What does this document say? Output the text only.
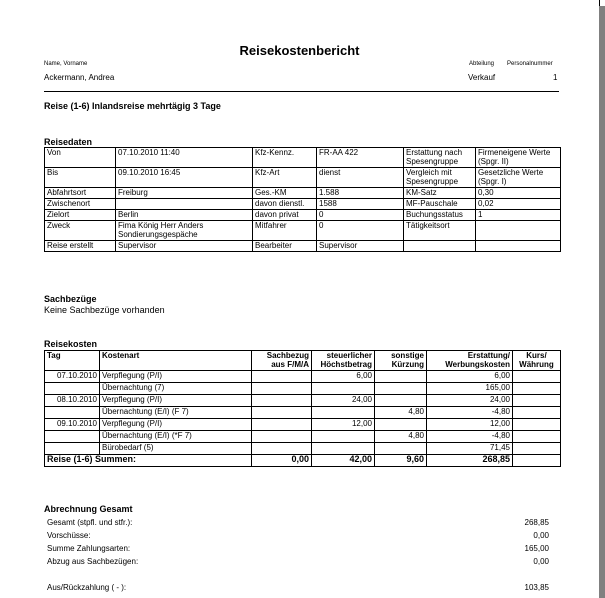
Reisekostenbericht
Name, Vorname	Abteilung Personalnummer
Ackermann, Andrea	Verkauf	1
Reise (1-6) Inlandsreise mehrtägig 3 Tage
Reisedaten
Von	07.10.2010 11:40	Kfz-Kennz.	FR-AA 422	Erstattung nach Spesengruppe	Firmeneigene Werte (Spgr. II)
Bis	09.10.2010 16:45	Kfz-Art	dienst	Vergleich mit Spesengruppe	Gesetzliche Werte (Spgr. I)
Abfahrtsort	Freiburg	Ges.-KM	1.588	KM-Satz	0,30
Zwischenort		davon dienstl.	1588	MF-Pauschale	0,02
Zielort	Berlin	davon privat	0	Buchungsstatus	1
Zweck	Fima König Herr Anders Sondierungsgespäche	Mitfahrer	0	Tätigkeitsort	
Reise erstellt	Supervisor	Bearbeiter	Supervisor		
Sachbezüge
Keine Sachbezüge vorhanden
Reisekosten
Tag	Kostenart	Sachbezug aus F/M/A	steuerlicher Höchstbetrag	sonstige Kürzung	Erstattung/ Werbungskosten	Kurs/ Währung
07.10.2010	Verpflegung (P/I)		6,00		6,00	
	Übernachtung (7)				165,00	
08.10.2010	Verpflegung (P/I)		24,00		24,00	
	Übernachtung (E/I) (F 7)			4,80	-4,80	
09.10.2010	Verpflegung (P/I)		12,00		12,00	
	Übernachtung (E/I) (*F 7)			4,80	-4,80	
	Bürobedarf (5)				71,45	
Reise (1-6) Summen:		0,00	42,00	9,60	268,85	
Abrechnung Gesamt
Gesamt (stpfl. und stfr.):	268,85
Vorschüsse:	0,00
Summe Zahlungsarten:	165,00
Abzug aus Sachbezügen:	0,00
Aus/Rückzahlung ( - ):	103,85
